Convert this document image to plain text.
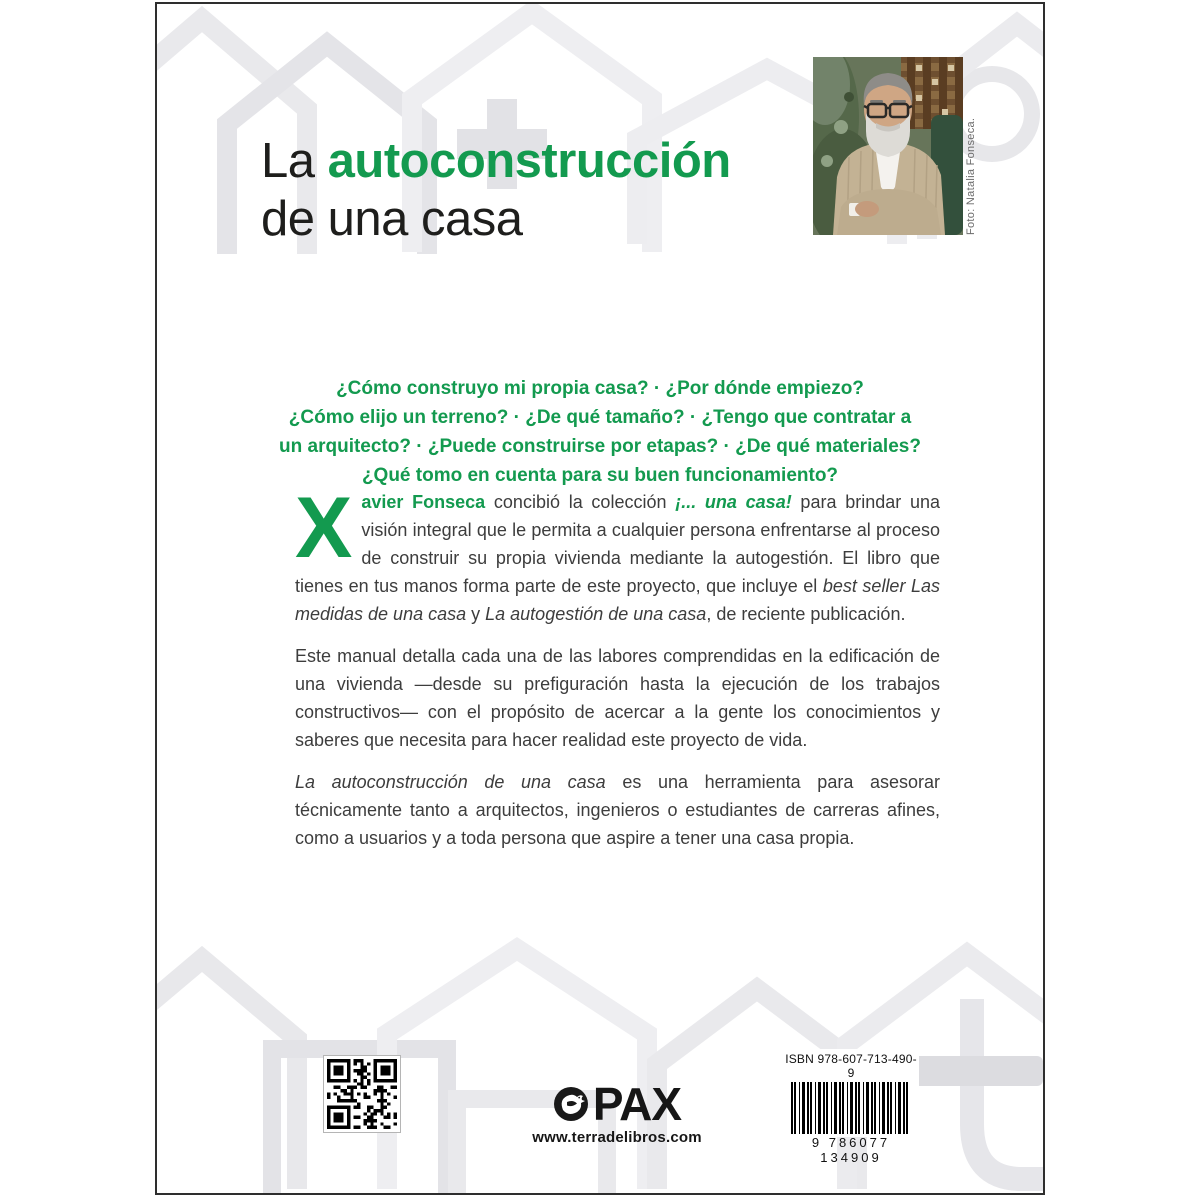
La autoconstrucción
de una casa	Foto: Natalia Fonseca.
¿Cómo construyo mi propia casa? · ¿Por dónde empiezo?
¿Cómo elijo un terreno? · ¿De qué tamaño? · ¿Tengo que contratar a
un arquitecto? · ¿Puede construirse por etapas? · ¿De qué materiales?
¿Qué tomo en cuenta para su buen funcionamiento?

Xavier Fonseca concibió la colección ¡... una casa! para brindar una visión integral que le permita a cualquier persona enfrentarse al proceso de construir su propia vivienda mediante la autogestión. El libro que tienes en tus manos forma parte de este proyecto, que incluye el best seller Las medidas de una casa y La autogestión de una casa, de reciente publicación.

Este manual detalla cada una de las labores comprendidas en la edificación de una vivienda —desde su prefiguración hasta la ejecución de los trabajos constructivos— con el propósito de acercar a la gente los conocimientos y saberes que necesita para hacer realidad este proyecto de vida.

La autoconstrucción de una casa es una herramienta para asesorar técnicamente tanto a arquitectos, ingenieros o estudiantes de carreras afines, como a usuarios y a toda persona que aspire a tener una casa propia.

PAX
www.terradelibros.com
ISBN 978-607-713-490-9
9 786077 134909
